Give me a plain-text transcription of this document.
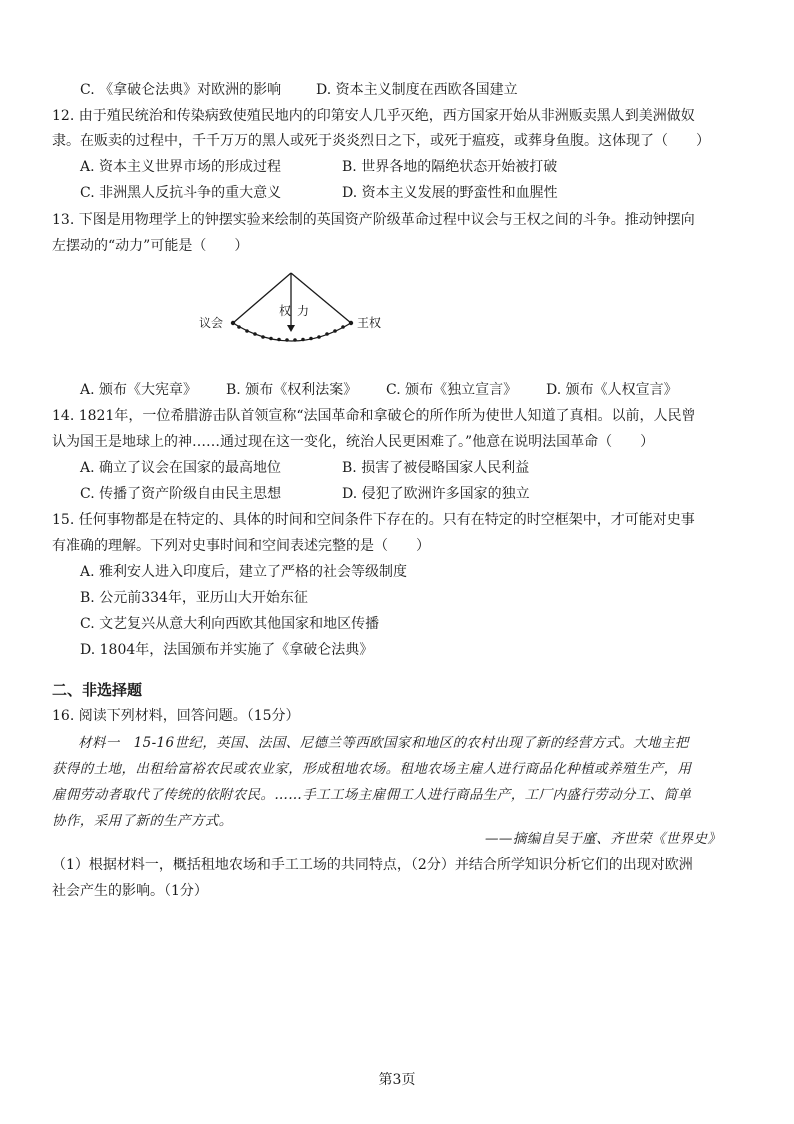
C. 《拿破仑法典》对欧洲的影响	D. 资本主义制度在西欧各国建立
12. 由于殖民统治和传染病致使殖民地内的印第安人几乎灭绝，西方国家开始从非洲贩卖黑人到美洲做奴
隶。在贩卖的过程中，千千万万的黑人或死于炎炎烈日之下，或死于瘟疫，或葬身鱼腹。这体现了（　　）
A. 资本主义世界市场的形成过程	B. 世界各地的隔绝状态开始被打破
C. 非洲黑人反抗斗争的重大意义	D. 资本主义发展的野蛮性和血腥性
13. 下图是用物理学上的钟摆实验来绘制的英国资产阶级革命过程中议会与王权之间的斗争。推动钟摆向
左摆动的“动力”可能是（　　）
议会	王权
权力
A. 颁布《大宪章》	B. 颁布《权利法案》	C. 颁布《独立宣言》	D. 颁布《人权宣言》
14. 1821年，一位希腊游击队首领宣称“法国革命和拿破仑的所作所为使世人知道了真相。以前，人民曾
认为国王是地球上的神……通过现在这一变化，统治人民更困难了。”他意在说明法国革命（　　）
A. 确立了议会在国家的最高地位	B. 损害了被侵略国家人民利益
C. 传播了资产阶级自由民主思想	D. 侵犯了欧洲许多国家的独立
15. 任何事物都是在特定的、具体的时间和空间条件下存在的。只有在特定的时空框架中，才可能对史事
有准确的理解。下列对史事时间和空间表述完整的是（　　）
A. 雅利安人进入印度后，建立了严格的社会等级制度
B. 公元前334年，亚历山大开始东征
C. 文艺复兴从意大利向西欧其他国家和地区传播
D. 1804年，法国颁布并实施了《拿破仑法典》
二、非选择题
16. 阅读下列材料，回答问题。（15分）
材料一　15-16世纪，英国、法国、尼德兰等西欧国家和地区的农村出现了新的经营方式。大地主把
获得的土地，出租给富裕农民或农业家，形成租地农场。租地农场主雇人进行商品化种植或养殖生产，用
雇佣劳动者取代了传统的依附农民。……手工工场主雇佣工人进行商品生产，工厂内盛行劳动分工、简单
协作，采用了新的生产方式。
——摘编自吴于廑、齐世荣《世界史》
（1）根据材料一，概括租地农场和手工工场的共同特点，（2分）并结合所学知识分析它们的出现对欧洲
社会产生的影响。（1分）
第3页
